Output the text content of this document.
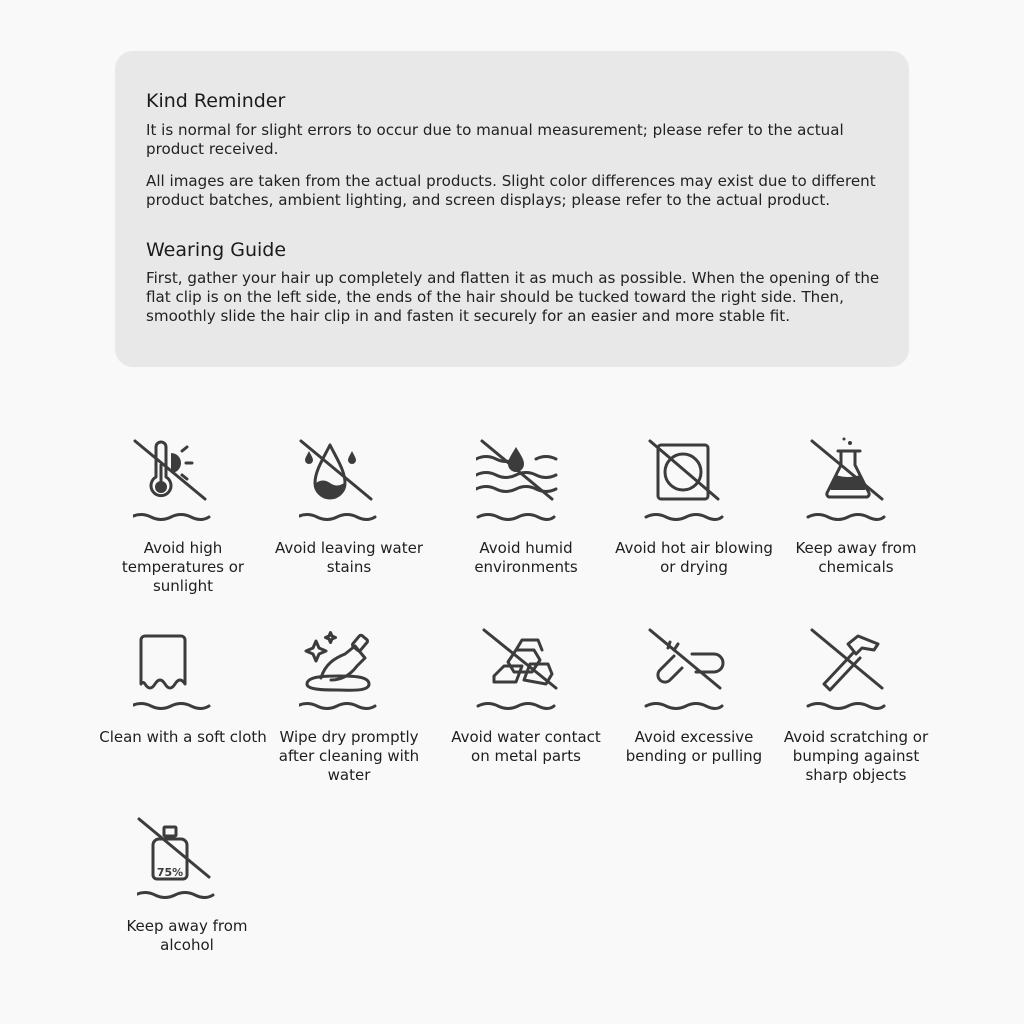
Kind Reminder

It is normal for slight errors to occur due to manual measurement; please refer to the actual product received.

All images are taken from the actual products. Slight color differences may exist due to different product batches, ambient lighting, and screen displays; please refer to the actual product.

Wearing Guide

First, gather your hair up completely and flatten it as much as possible. When the opening of the flat clip is on the left side, the ends of the hair should be tucked toward the right side. Then, smoothly slide the hair clip in and fasten it securely for an easier and more stable fit.

Avoid high temperatures or sunlight
Avoid leaving water stains
Avoid humid environments
Avoid hot air blowing or drying
Keep away from chemicals
Clean with a soft cloth Wipe dry promptly after cleaning with water
Avoid water contact on metal parts
Avoid excessive bending or pulling
Avoid scratching or bumping against sharp objects
75%
Keep away from alcohol
